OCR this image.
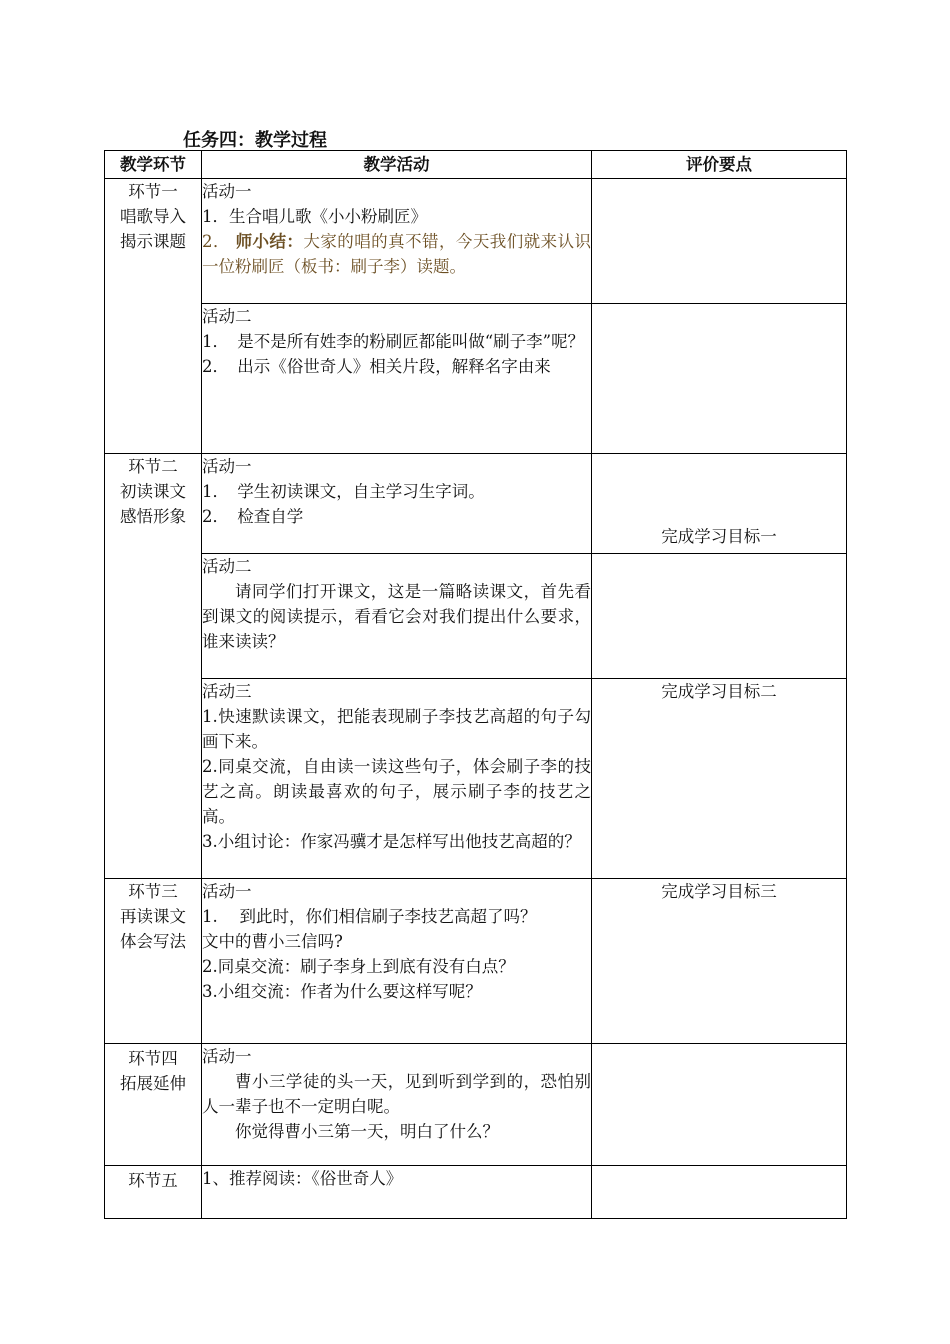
任务四：教学过程
教学环节	教学活动	评价要点

环节一
唱歌导入
揭示课题	活动一
1．生合唱儿歌《小小粉刷匠》
2． 师小结：大家的唱的真不错，今天我们就来认识一位粉刷匠（板书：刷子李）读题。	

	活动二
1．　是不是所有姓李的粉刷匠都能叫做“刷子李”呢？
2．　出示《俗世奇人》相关片段，解释名字由来	

环节二
初读课文
感悟形象	活动一
1．　学生初读课文，自主学习生字词。
2．　检查自学	完成学习目标一

	活动二
请同学们打开课文，这是一篇略读课文，首先看到课文的阅读提示，看看它会对我们提出什么要求，谁来读读？	

	活动三
1.快速默读课文，把能表现刷子李技艺高超的句子勾画下来。
2.同桌交流，自由读一读这些句子，体会刷子李的技艺之高。朗读最喜欢的句子，展示刷子李的技艺之高。
3.小组讨论：作家冯骥才是怎样写出他技艺高超的？	完成学习目标二

环节三
再读课文
体会写法	活动一
1.　 到此时，你们相信刷子李技艺高超了吗？
文中的曹小三信吗?
2.同桌交流：刷子李身上到底有没有白点？
3.小组交流：作者为什么要这样写呢？	完成学习目标三

环节四
拓展延伸	活动一
曹小三学徒的头一天，见到听到学到的，恐怕别人一辈子也不一定明白呢。
你觉得曹小三第一天，明白了什么？	

环节五	1、推荐阅读：《俗世奇人》	
